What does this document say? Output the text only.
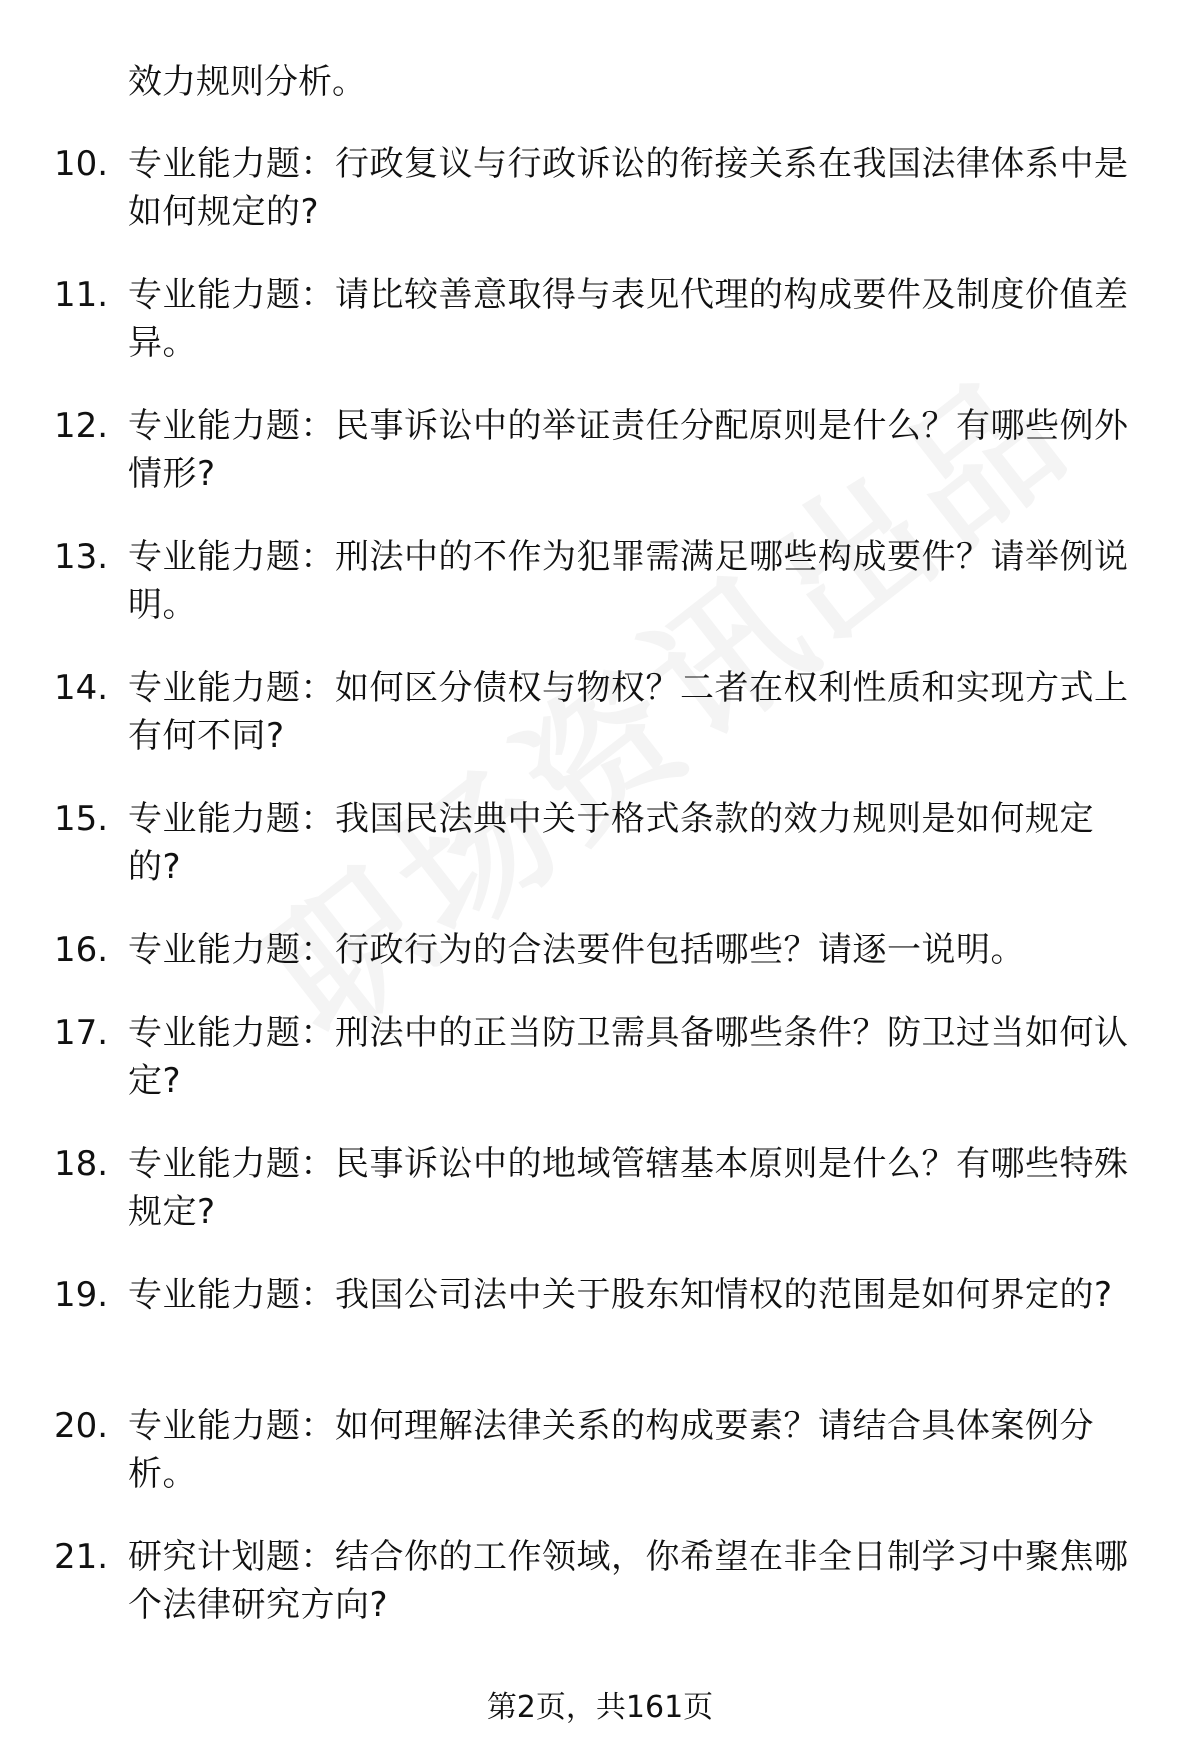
效力规则分析。
10. 专业能力题：行政复议与行政诉讼的衔接关系在我国法律体系中是如何规定的?
11. 专业能力题：请比较善意取得与表见代理的构成要件及制度价值差异。
12. 专业能力题：民事诉讼中的举证责任分配原则是什么？有哪些例外情形?
13. 专业能力题：刑法中的不作为犯罪需满足哪些构成要件？请举例说明。
14. 专业能力题：如何区分债权与物权？二者在权利性质和实现方式上有何不同?
15. 专业能力题：我国民法典中关于格式条款的效力规则是如何规定的?
16. 专业能力题：行政行为的合法要件包括哪些？请逐一说明。
17. 专业能力题：刑法中的正当防卫需具备哪些条件？防卫过当如何认定?
18. 专业能力题：民事诉讼中的地域管辖基本原则是什么？有哪些特殊规定?
19. 专业能力题：我国公司法中关于股东知情权的范围是如何界定的?
20. 专业能力题：如何理解法律关系的构成要素？请结合具体案例分析。
21. 研究计划题：结合你的工作领域，你希望在非全日制学习中聚焦哪个法律研究方向?
第2页，共161页
